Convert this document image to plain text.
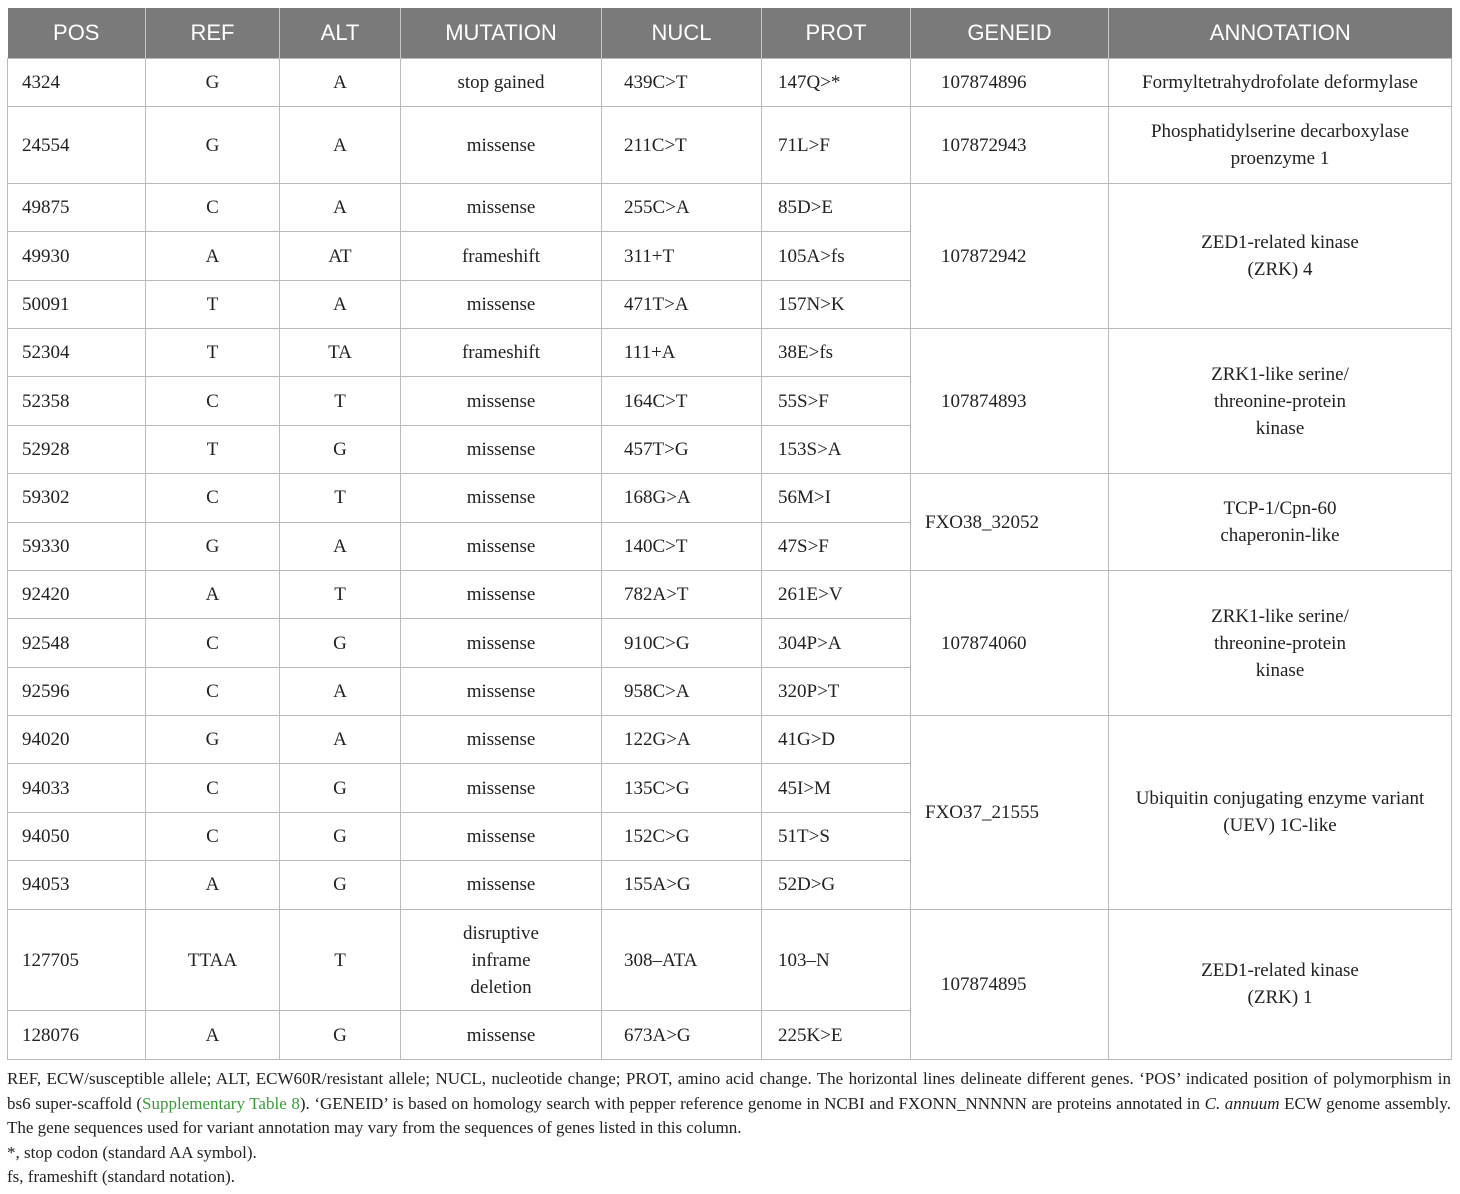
POS	REF	ALT	MUTATION	NUCL	PROT	GENEID	ANNOTATION
4324	G	A	stop gained	439C>T	147Q>*	107874896	Formyltetrahydrofolate deformylase

24554	G	A	missense	211C>T	71L>F	107872943	Phosphatidylserine decarboxylase
proenzyme 1

49875	C	A	missense	255C>A	85D>E	107872942	ZED1-related kinase
(ZRK) 4

49930	A	AT	frameshift	311+T	105A>fs		
50091	T	A	missense	471T>A	157N>K		
52304	T	TA	frameshift	111+A	38E>fs	107874893	ZRK1-like serine/
threonine-protein
kinase

52358	C	T	missense	164C>T	55S>F		
52928	T	G	missense	457T>G	153S>A		
59302	C	T	missense	168G>A	56M>I	FXO38_32052	TCP-1/Cpn-60
chaperonin-like

59330	G	A	missense	140C>T	47S>F		
92420	A	T	missense	782A>T	261E>V	107874060	ZRK1-like serine/
threonine-protein
kinase

92548	C	G	missense	910C>G	304P>A		
92596	C	A	missense	958C>A	320P>T		
94020	G	A	missense	122G>A	41G>D	FXO37_21555	Ubiquitin conjugating enzyme variant
(UEV) 1C-like

94033	C	G	missense	135C>G	45I>M		
94050	C	G	missense	152C>G	51T>S		
94053	A	G	missense	155A>G	52D>G		
127705	TTAA	T	disruptive
inframe
deletion	308–ATA	103–N	107874895	ZED1-related kinase
(ZRK) 1

128076	A	G	missense	673A>G	225K>E		

REF, ECW/susceptible allele; ALT, ECW60R/resistant allele; NUCL, nucleotide change; PROT, amino acid change. The horizontal lines delineate different genes. ‘POS’ indicated position of polymorphism in bs6 super-scaffold (Supplementary Table 8). ‘GENEID’ is based on homology search with pepper reference genome in NCBI and FXONN_NNNNN are proteins annotated in C. annuum ECW genome assembly. The gene sequences used for variant annotation may vary from the sequences of genes listed in this column.

*, stop codon (standard AA symbol).

fs, frameshift (standard notation).
